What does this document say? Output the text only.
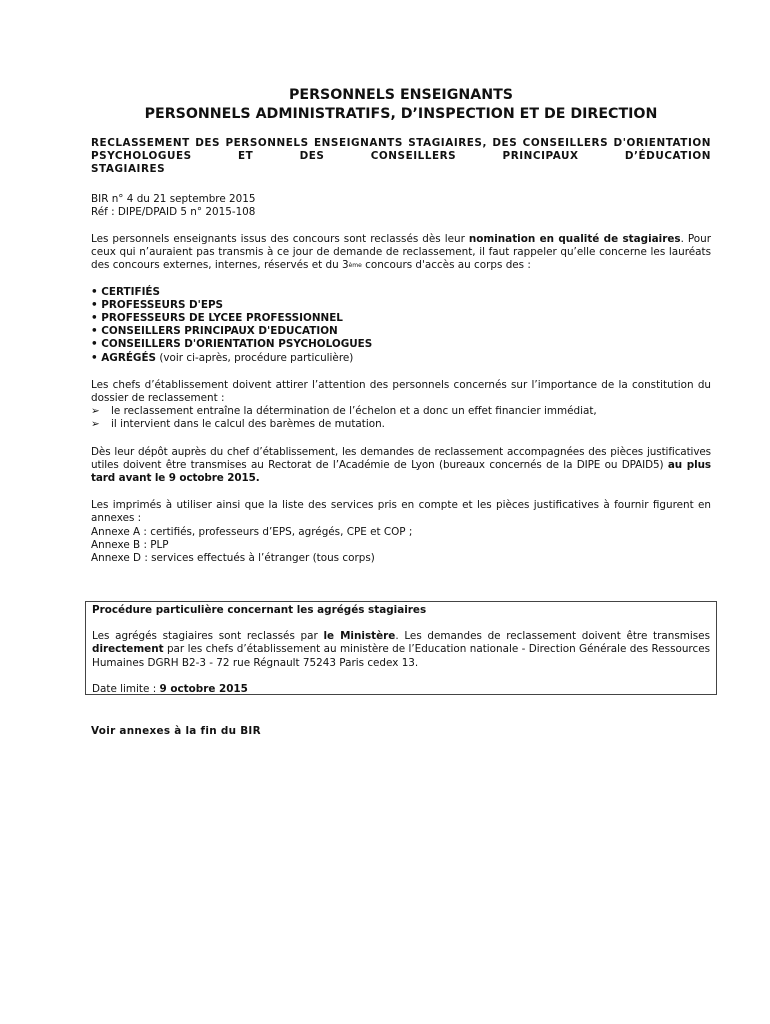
PERSONNELS ENSEIGNANTS
PERSONNELS ADMINISTRATIFS, D’INSPECTION ET DE DIRECTION
RECLASSEMENT DES PERSONNELS ENSEIGNANTS STAGIAIRES, DES CONSEILLERS D'ORIENTATION PSYCHOLOGUES ET DES CONSEILLERS PRINCIPAUX D’ÉDUCATION
STAGIAIRES
BIR n° 4 du 21 septembre 2015
Réf : DIPE/DPAID 5 n° 2015-108

Les personnels enseignants issus des concours sont reclassés dès leur nomination en qualité de stagiaires. Pour ceux qui n’auraient pas transmis à ce jour de demande de reclassement, il faut rappeler qu’elle concerne les lauréats des concours externes, internes, réservés et du 3ème concours d'accès au corps des :

• CERTIFIÉS
• PROFESSEURS D'EPS
• PROFESSEURS DE LYCEE PROFESSIONNEL
• CONSEILLERS PRINCIPAUX D'EDUCATION
• CONSEILLERS D'ORIENTATION PSYCHOLOGUES
• AGRÉGÉS (voir ci-après, procédure particulière)

Les chefs d’établissement doivent attirer l’attention des personnels concernés sur l’importance de la constitution du dossier de reclassement :

➢	le reclassement entraîne la détermination de l’échelon et a donc un effet financier immédiat,
➢	il intervient dans le calcul des barèmes de mutation.

Dès leur dépôt auprès du chef d’établissement, les demandes de reclassement accompagnées des pièces justificatives utiles doivent être transmises au Rectorat de l’Académie de Lyon (bureaux concernés de la DIPE ou DPAID5) au plus tard avant le 9 octobre 2015.

Les imprimés à utiliser ainsi que la liste des services pris en compte et les pièces justificatives à fournir figurent en annexes :

Annexe A : certifiés, professeurs d’EPS, agrégés, CPE et COP ;
Annexe B : PLP
Annexe D : services effectués à l’étranger (tous corps)
Procédure particulière concernant les agrégés stagiaires

Les agrégés stagiaires sont reclassés par le Ministère. Les demandes de reclassement doivent être transmises directement par les chefs d’établissement au ministère de l’Education nationale - Direction Générale des Ressources Humaines DGRH B2-3 - 72 rue Régnault 75243 Paris cedex 13.

Date limite : 9 octobre 2015
Voir annexes à la fin du BIR
